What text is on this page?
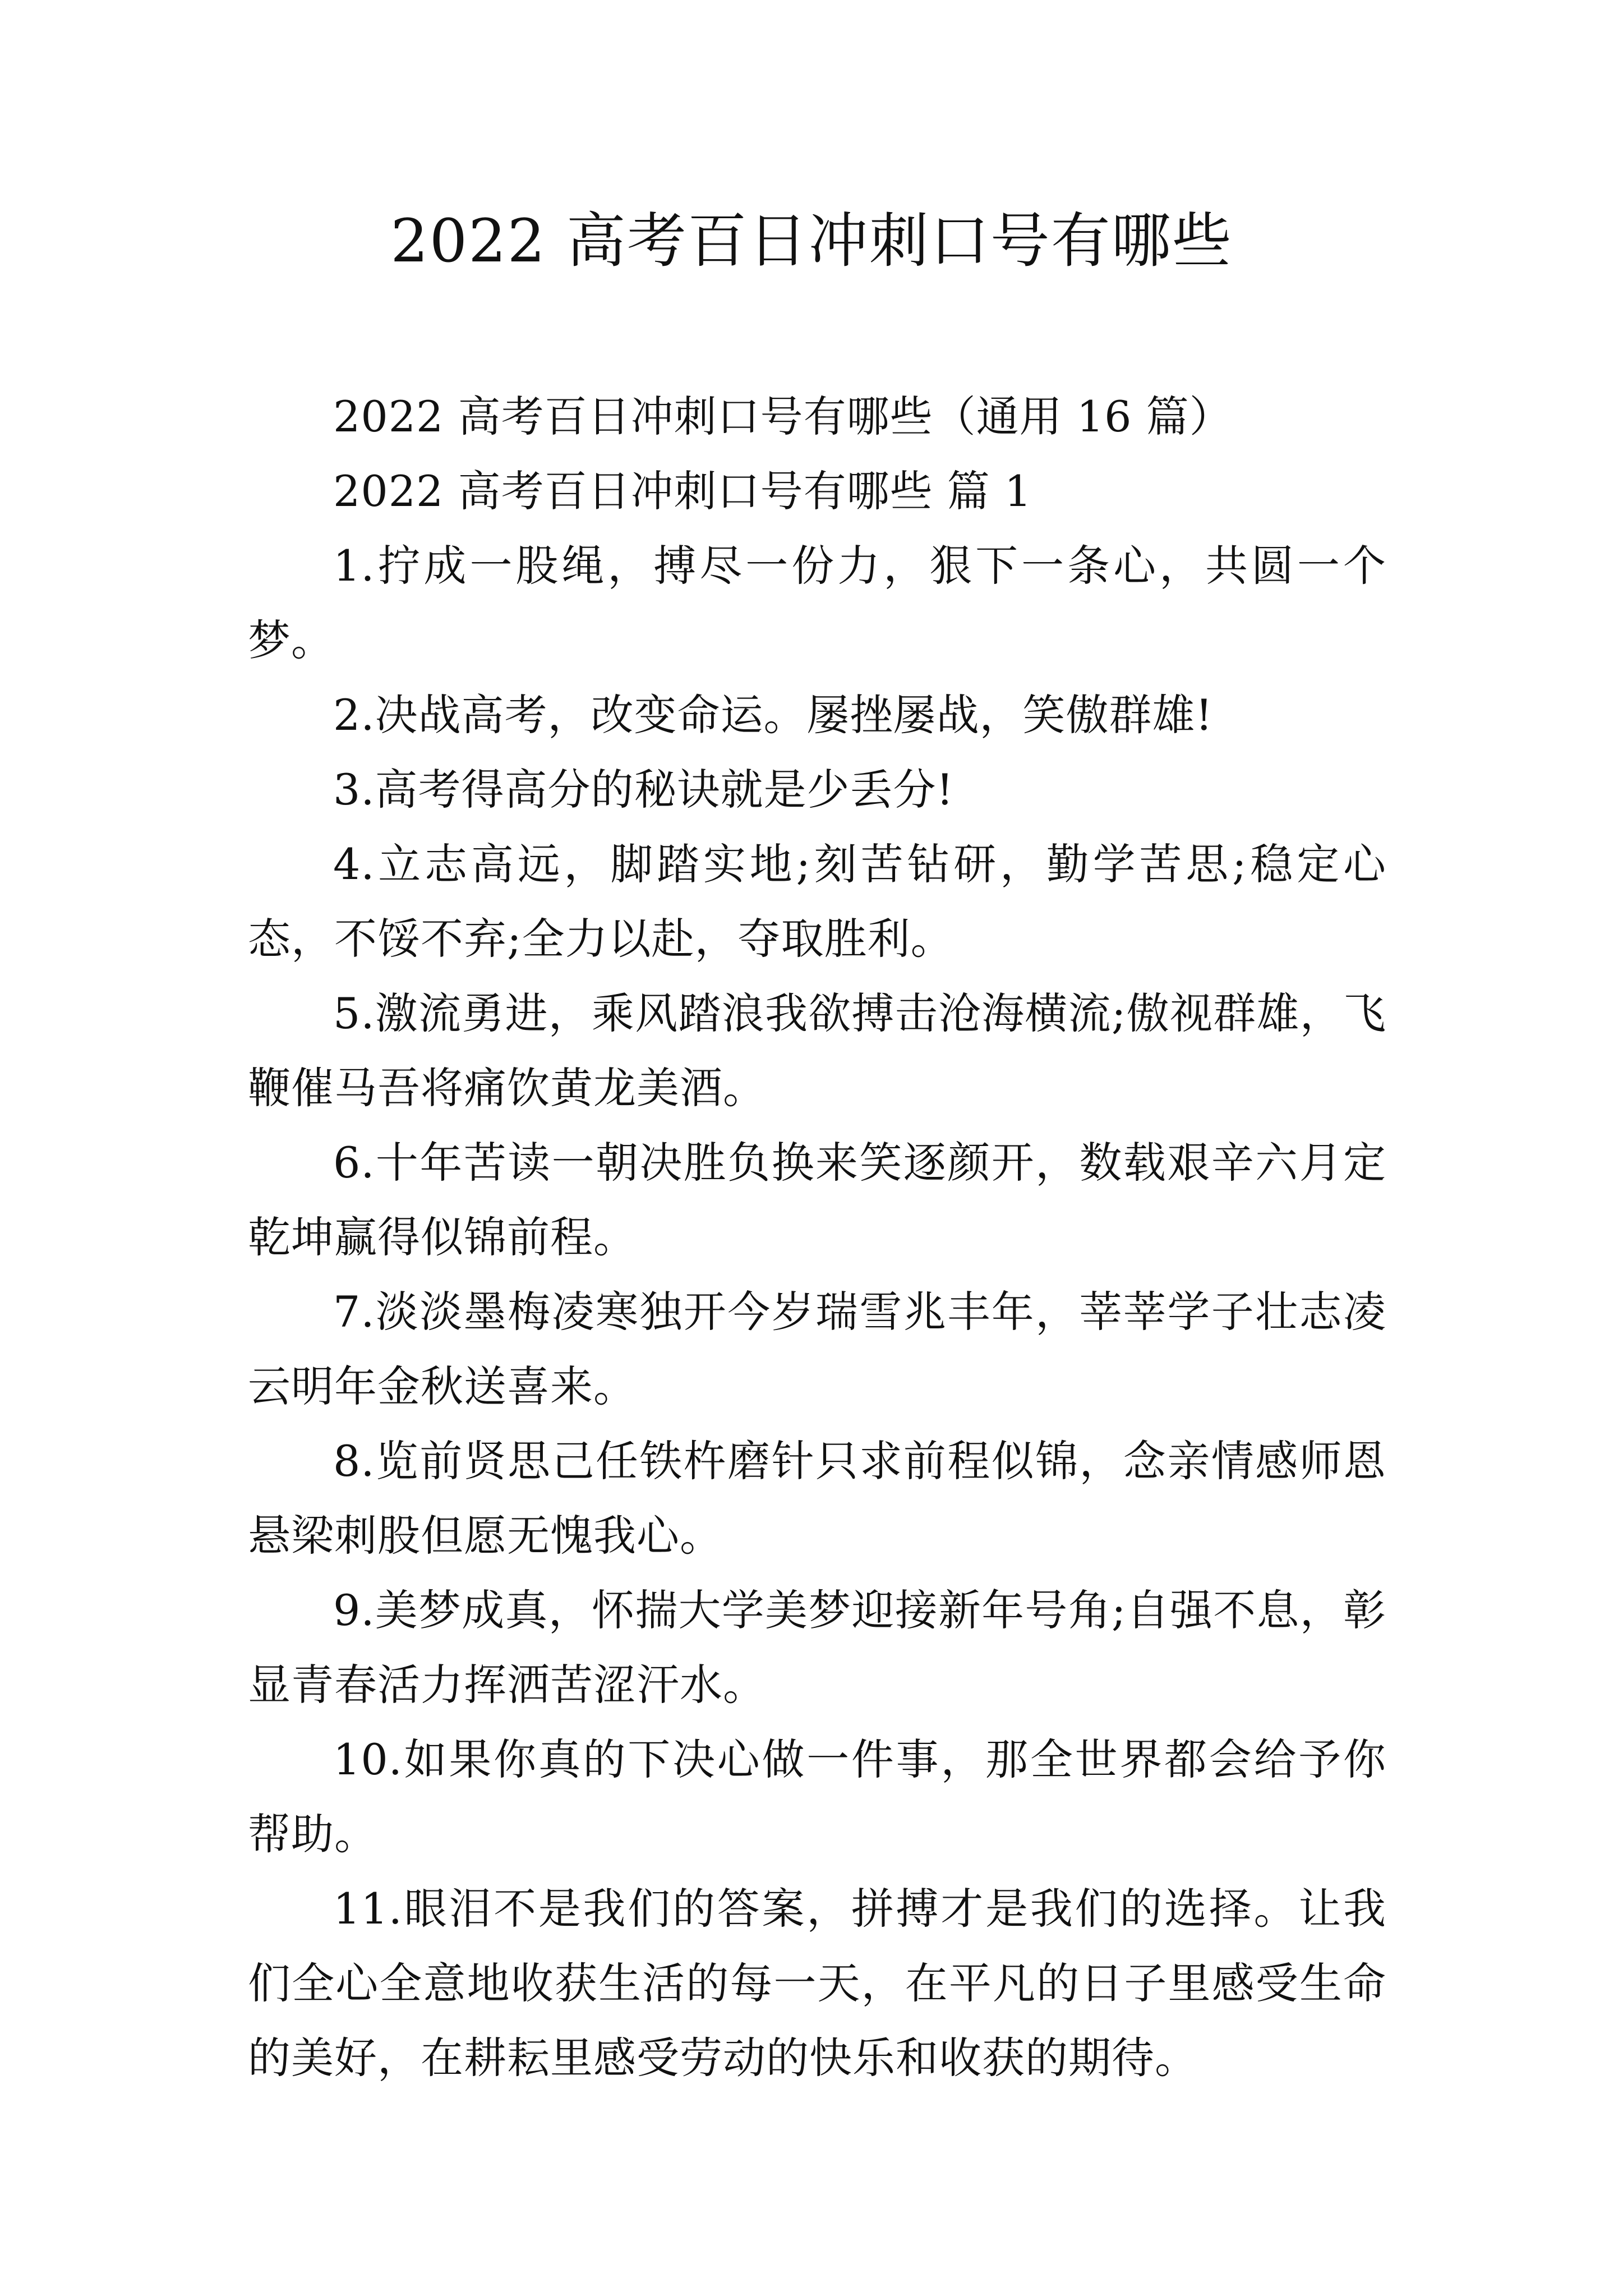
2022 高考百日冲刺口号有哪些

2022 高考百日冲刺口号有哪些（通用 16 篇）

2022 高考百日冲刺口号有哪些 篇 1

1.拧成一股绳，搏尽一份力，狠下一条心，共圆一个梦。

2.决战高考，改变命运。屡挫屡战，笑傲群雄!

3.高考得高分的秘诀就是少丢分!

4.立志高远，脚踏实地;刻苦钻研，勤学苦思;稳定心态，不馁不弃;全力以赴，夺取胜利。

5.激流勇进，乘风踏浪我欲搏击沧海横流;傲视群雄，飞鞭催马吾将痛饮黄龙美酒。

6.十年苦读一朝决胜负换来笑逐颜开，数载艰辛六月定乾坤赢得似锦前程。

7.淡淡墨梅凌寒独开今岁瑞雪兆丰年，莘莘学子壮志凌云明年金秋送喜来。

8.览前贤思己任铁杵磨针只求前程似锦，念亲情感师恩悬梁刺股但愿无愧我心。

9.美梦成真，怀揣大学美梦迎接新年号角;自强不息，彰显青春活力挥洒苦涩汗水。

10.如果你真的下决心做一件事，那全世界都会给予你帮助。

11.眼泪不是我们的答案，拼搏才是我们的选择。让我们全心全意地收获生活的每一天，在平凡的日子里感受生命的美好，在耕耘里感受劳动的快乐和收获的期待。
